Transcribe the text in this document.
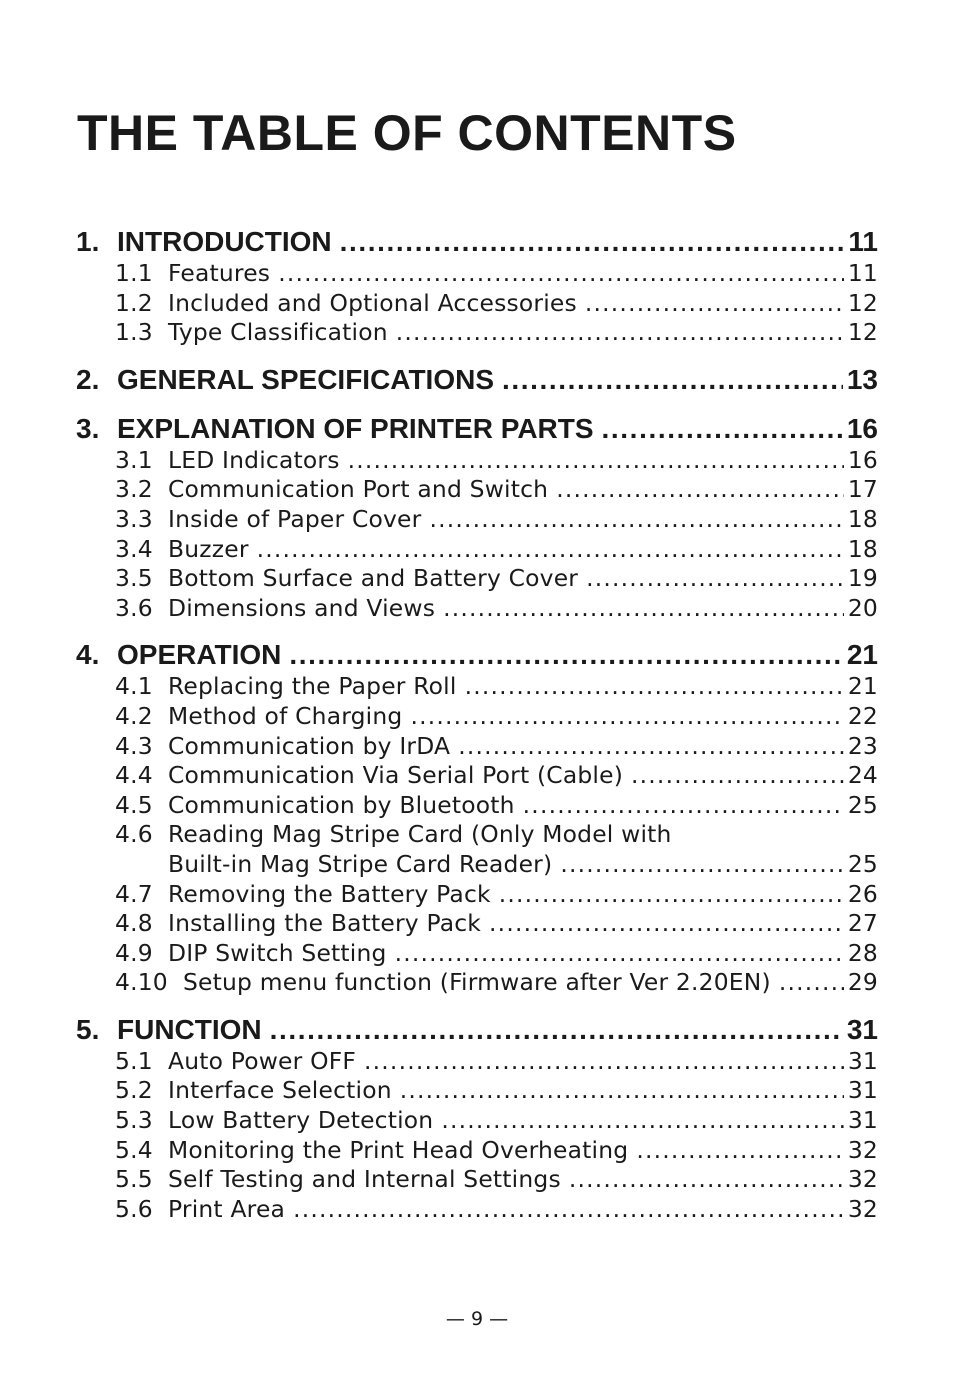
THE TABLE OF CONTENTS
1. INTRODUCTION .....	11
1.1 Features .....	11
1.2 Included and Optional Accessories .....	12
1.3 Type Classification .....	12
2. GENERAL SPECIFICATIONS .....	13
3. EXPLANATION OF PRINTER PARTS .....	16
3.1 LED Indicators .....	16
3.2 Communication Port and Switch .....	17
3.3 Inside of Paper Cover .....	18
3.4 Buzzer .....	18
3.5 Bottom Surface and Battery Cover .....	19
3.6 Dimensions and Views .....	20
4. OPERATION .....	21
4.1 Replacing the Paper Roll .....	21
4.2 Method of Charging .....	22
4.3 Communication by IrDA .....	23
4.4 Communication Via Serial Port (Cable) .....	24
4.5 Communication by Bluetooth .....	25
4.6 Reading Mag Stripe Card (Only Model with
Built-in Mag Stripe Card Reader) .....	25
4.7 Removing the Battery Pack .....	26
4.8 Installing the Battery Pack .....	27
4.9 DIP Switch Setting .....	28
4.10 Setup menu function (Firmware after Ver 2.20EN) .....	29
5. FUNCTION .....	31
5.1 Auto Power OFF .....	31
5.2 Interface Selection .....	31
5.3 Low Battery Detection .....	31
5.4 Monitoring the Print Head Overheating .....	32
5.5 Self Testing and Internal Settings .....	32
5.6 Print Area .....	32
— 9 —
